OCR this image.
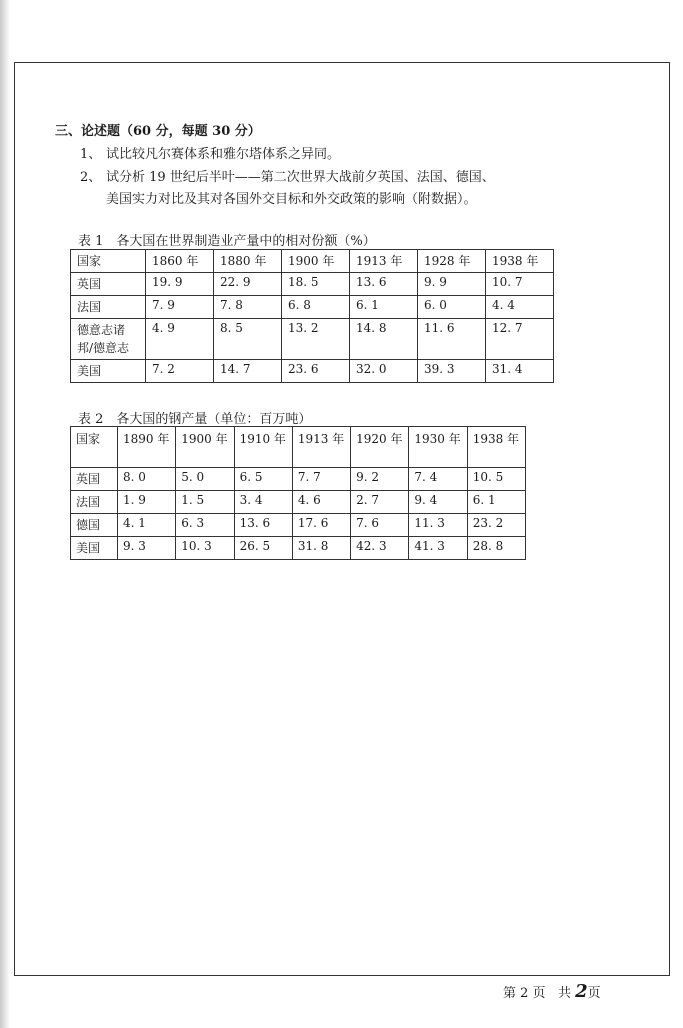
三、论述题（60 分，每题 30 分）
1、 试比较凡尔赛体系和雅尔塔体系之异同。
2、 试分析 19 世纪后半叶——第二次世界大战前夕英国、法国、德国、
美国实力对比及其对各国外交目标和外交政策的影响（附数据）。
表 1　各大国在世界制造业产量中的相对份额（%）
国家	1860 年	1880 年	1900 年	1913 年	1928 年	1938 年
英国	19. 9	22. 9	18. 5	13. 6	9. 9	10. 7
法国	7. 9	7. 8	6. 8	6. 1	6. 0	4. 4
德意志诸邦/德意志	4. 9	8. 5	13. 2	14. 8	11. 6	12. 7
美国	7. 2	14. 7	23. 6	32. 0	39. 3	31. 4
表 2　各大国的钢产量（单位：百万吨）
国家	1890 年	1900 年	1910 年	1913 年	1920 年	1930 年	1938 年
英国	8. 0	5. 0	6. 5	7. 7	9. 2	7. 4	10. 5
法国	1. 9	1. 5	3. 4	4. 6	2. 7	9. 4	6. 1
德国	4. 1	6. 3	13. 6	17. 6	7. 6	11. 3	23. 2
美国	9. 3	10. 3	26. 5	31. 8	42. 3	41. 3	28. 8
第 2 页 共 2页
